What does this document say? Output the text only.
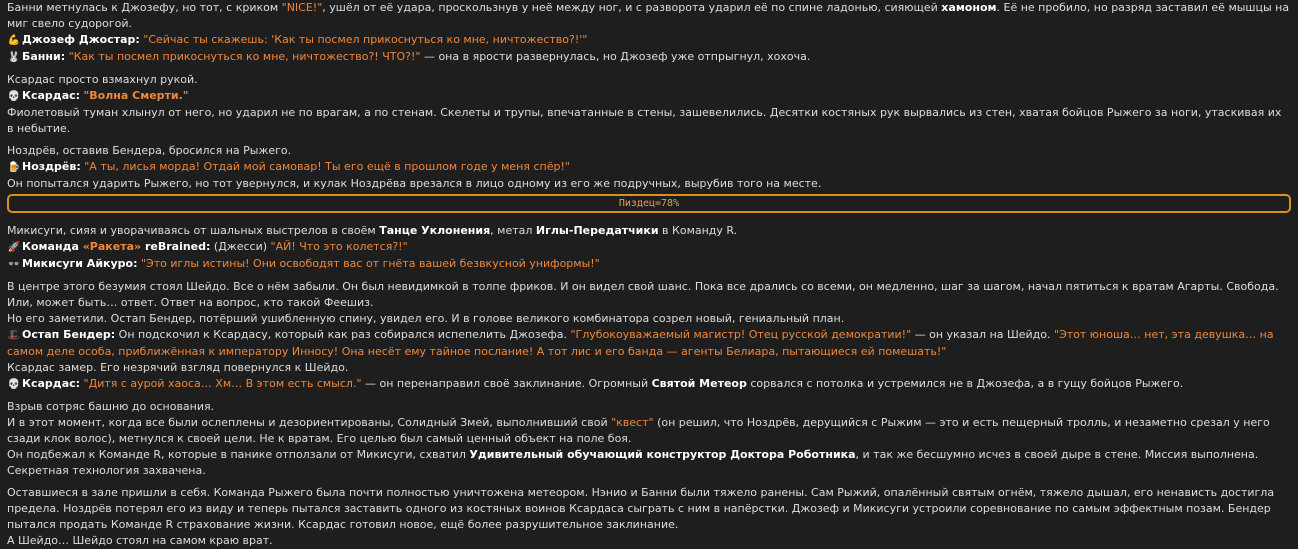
Банни метнулась к Джозефу, но тот, с криком "NICE!", ушёл от её удара, проскользнув у неё между ног, и с разворота ударил её по спине ладонью, сияющей хамоном. Её не пробило, но разряд заставил её мышцы на миг свело судорогой.

💪 Джозеф Джостар: "Сейчас ты скажешь: 'Как ты посмел прикоснуться ко мне, ничтожество?!'"

🐰 Банни: "Как ты посмел прикоснуться ко мне, ничтожество?! ЧТО?!" — она в ярости развернулась, но Джозеф уже отпрыгнул, хохоча.

Ксардас просто взмахнул рукой.

💀 Ксардас: "Волна Смерти."

Фиолетовый туман хлынул от него, но ударил не по врагам, а по стенам. Скелеты и трупы, впечатанные в стены, зашевелились. Десятки костяных рук вырвались из стен, хватая бойцов Рыжего за ноги, утаскивая их в небытие.

Ноздрёв, оставив Бендера, бросился на Рыжего.

🍺 Ноздрёв: "А ты, лисья морда! Отдай мой самовар! Ты его ещё в прошлом годе у меня спёр!"

Он попытался ударить Рыжего, но тот увернулся, и кулак Ноздрёва врезался в лицо одному из его же подручных, вырубив того на месте.

Пиздец=78%

Микисуги, сияя и уворачиваясь от шальных выстрелов в своём Танце Уклонения, метал Иглы-Передатчики в Команду R.

🚀 Команда «Ракета» reBrained: (Джесси) "АЙ! Что это колется?!"

👓 Микисуги Айкуро: "Это иглы истины! Они освободят вас от гнёта вашей безвкусной униформы!"

В центре этого безумия стоял Шейдо. Все о нём забыли. Он был невидимкой в толпе фриков. И он видел свой шанс. Пока все дрались со всеми, он медленно, шаг за шагом, начал пятиться к вратам Агарты. Свобода. Или, может быть… ответ. Ответ на вопрос, кто такой Феешиз.

Но его заметили. Остап Бендер, потёрший ушибленную спину, увидел его. И в голове великого комбинатора созрел новый, гениальный план.

🎩 Остап Бендер: Он подскочил к Ксардасу, который как раз собирался испепелить Джозефа. "Глубокоуважаемый магистр! Отец русской демократии!" — он указал на Шейдо. "Этот юноша… нет, эта девушка… на самом деле особа, приближённая к императору Инносу! Она несёт ему тайное послание! А тот лис и его банда — агенты Белиара, пытающиеся ей помешать!"

Ксардас замер. Его незрячий взгляд повернулся к Шейдо.

💀 Ксардас: "Дитя с аурой хаоса… Хм… В этом есть смысл." — он перенаправил своё заклинание. Огромный Святой Метеор сорвался с потолка и устремился не в Джозефа, а в гущу бойцов Рыжего.

Взрыв сотряс башню до основания.

И в этот момент, когда все были ослеплены и дезориентированы, Солидный Змей, выполнивший свой "квест" (он решил, что Ноздрёв, дерущийся с Рыжим — это и есть пещерный тролль, и незаметно срезал у него сзади клок волос), метнулся к своей цели. Не к вратам. Его целью был самый ценный объект на поле боя.

Он подбежал к Команде R, которые в панике отползали от Микисуги, схватил Удивительный обучающий конструктор Доктора Роботника, и так же бесшумно исчез в своей дыре в стене. Миссия выполнена. Секретная технология захвачена.

Оставшиеся в зале пришли в себя. Команда Рыжего была почти полностью уничтожена метеором. Нэнио и Банни были тяжело ранены. Сам Рыжий, опалённый святым огнём, тяжело дышал, его ненависть достигла предела. Ноздрёв потерял его из виду и теперь пытался заставить одного из костяных воинов Ксардаса сыграть с ним в напёрстки. Джозеф и Микисуги устроили соревнование по самым эффектным позам. Бендер пытался продать Команде R страхование жизни. Ксардас готовил новое, ещё более разрушительное заклинание.

А Шейдо… Шейдо стоял на самом краю врат.
